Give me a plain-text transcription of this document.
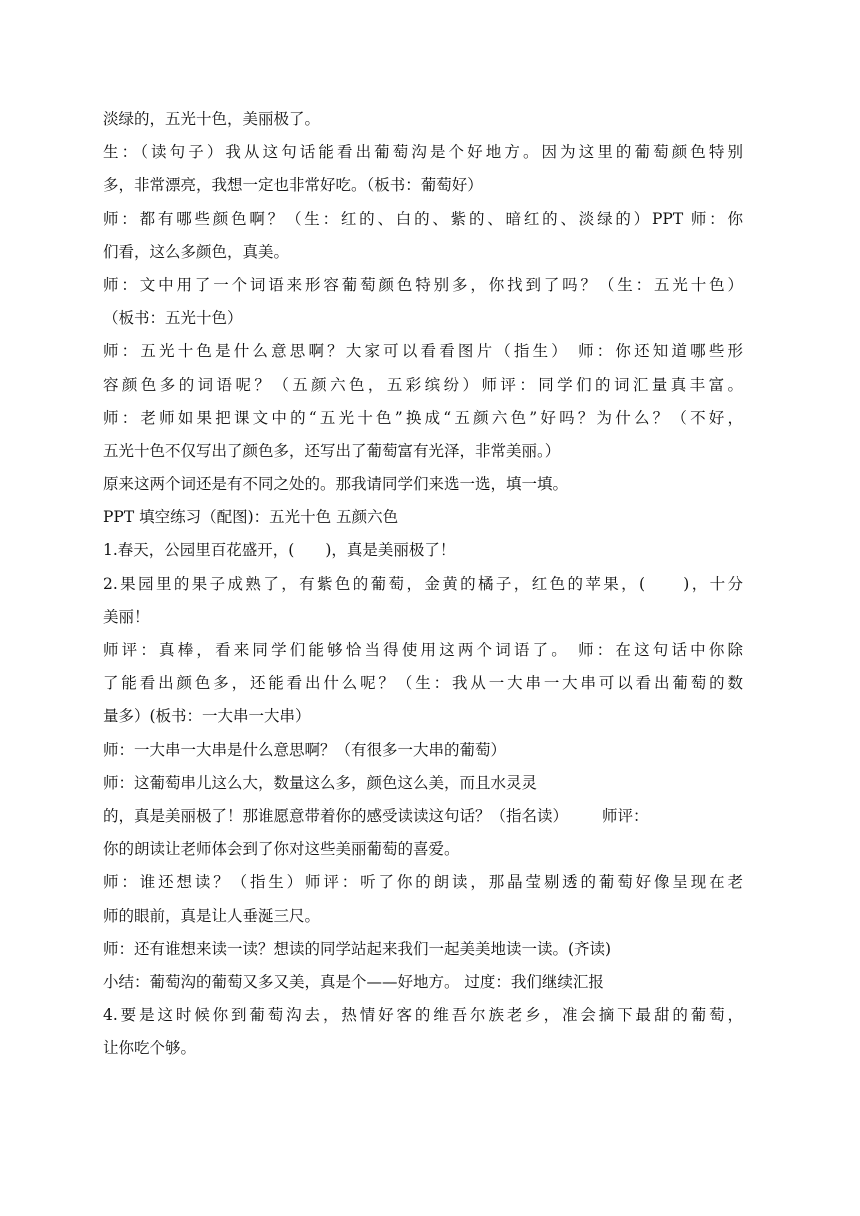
淡绿的，五光十色，美丽极了。
生：（读句子）我从这句话能看出葡萄沟是个好地方。因为这里的葡萄颜色特别
多，非常漂亮，我想一定也非常好吃。（板书：葡萄好）
师：都有哪些颜色啊？（生：红的、白的、紫的、暗红的、淡绿的）PPT 师：你
们看，这么多颜色，真美。
师：文中用了一个词语来形容葡萄颜色特别多，你找到了吗？（生：五光十色）
（板书：五光十色）
师：五光十色是什么意思啊？大家可以看看图片（指生） 师：你还知道哪些形
容颜色多的词语呢？（五颜六色，五彩缤纷）师评：同学们的词汇量真丰富。
师：老师如果把课文中的“五光十色”换成“五颜六色”好吗？为什么？（不好，
五光十色不仅写出了颜色多，还写出了葡萄富有光泽，非常美丽。）
原来这两个词还是有不同之处的。那我请同学们来选一选，填一填。
PPT 填空练习（配图)：五光十色 五颜六色
1.春天，公园里百花盛开，(　　)，真是美丽极了！
2.果园里的果子成熟了，有紫色的葡萄，金黄的橘子，红色的苹果，(　　)，十分
美丽！
师评：真棒，看来同学们能够恰当得使用这两个词语了。 师：在这句话中你除
了能看出颜色多，还能看出什么呢？（生：我从一大串一大串可以看出葡萄的数
量多）(板书：一大串一大串）
师：一大串一大串是什么意思啊？（有很多一大串的葡萄）
师：这葡萄串儿这么大，数量这么多，颜色这么美，而且水灵灵
的，真是美丽极了！那谁愿意带着你的感受读读这句话？（指名读） 师评：
你的朗读让老师体会到了你对这些美丽葡萄的喜爱。
师：谁还想读？（指生）师评：听了你的朗读，那晶莹剔透的葡萄好像呈现在老
师的眼前，真是让人垂涎三尺。
师：还有谁想来读一读？想读的同学站起来我们一起美美地读一读。(齐读)
小结：葡萄沟的葡萄又多又美，真是个——好地方。 过度：我们继续汇报
4.要是这时候你到葡萄沟去，热情好客的维吾尔族老乡，准会摘下最甜的葡萄，
让你吃个够。
